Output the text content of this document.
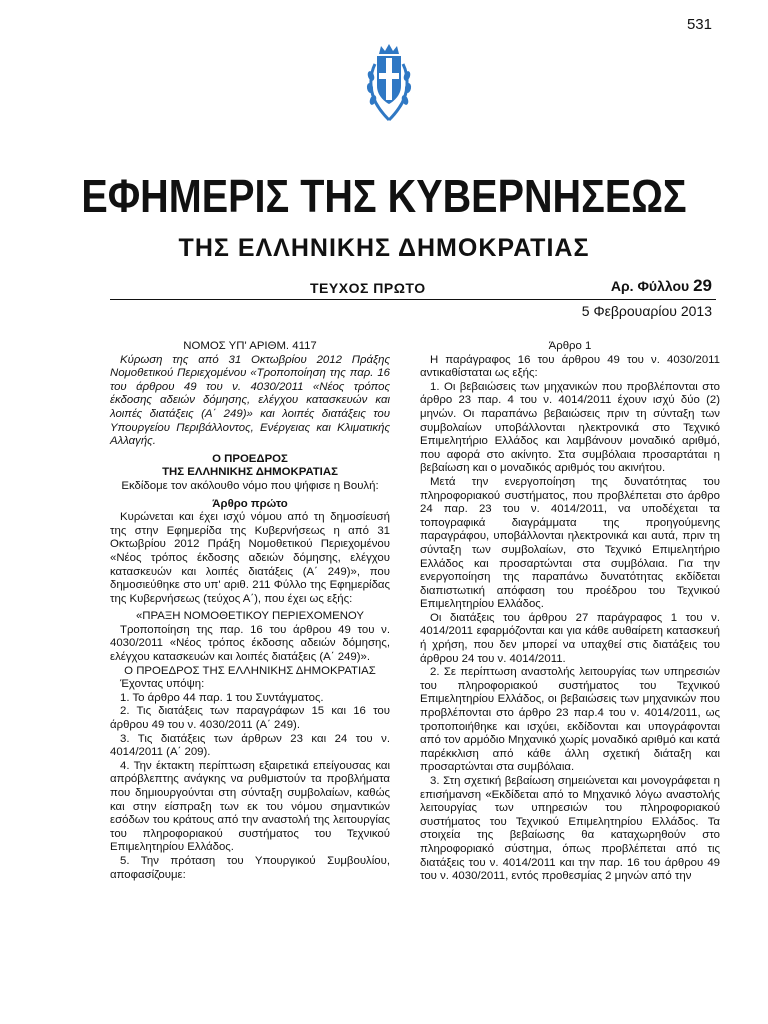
531
ΕΦΗΜΕΡΙΣ ΤΗΣ ΚΥΒΕΡΝΗΣΕΩΣ
ΤΗΣ ΕΛΛΗΝΙΚΗΣ ΔΗΜΟΚΡΑΤΙΑΣ
ΤΕΥΧΟΣ ΠΡΩΤΟ	Αρ. Φύλλου 29
5 Φεβρουαρίου 2013

ΝΟΜΟΣ ΥΠ' ΑΡΙΘΜ. 4117

Κύρωση της από 31 Οκτωβρίου 2012 Πράξης Νομοθετικού Περιεχομένου «Τροποποίηση της παρ. 16 του άρθρου 49 του ν. 4030/2011 «Νέος τρόπος έκδοσης αδειών δόμησης, ελέγχου κατασκευών και λοιπές διατάξεις (Α΄ 249)» και λοιπές διατάξεις του Υπουργείου Περιβάλλοντος, Ενέργειας και Κλιματικής Αλλαγής.

Ο ΠΡΟΕΔΡΟΣ

ΤΗΣ ΕΛΛΗΝΙΚΗΣ ΔΗΜΟΚΡΑΤΙΑΣ

Εκδίδομε τον ακόλουθο νόμο που ψήφισε η Βουλή:

Άρθρο πρώτο

Κυρώνεται και έχει ισχύ νόμου από τη δημοσίευσή της στην Εφημερίδα της Κυβερνήσεως η από 31 Οκτωβρίου 2012 Πράξη Νομοθετικού Περιεχομένου «Νέος τρόπος έκδοσης αδειών δόμησης, ελέγχου κατασκευών και λοιπές διατάξεις (Α΄ 249)», που δημοσιεύθηκε στο υπ' αριθ. 211 Φύλλο της Εφημερίδας της Κυβερνήσεως (τεύχος Α΄), που έχει ως εξής:

«ΠΡΑΞΗ ΝΟΜΟΘΕΤΙΚΟΥ ΠΕΡΙΕΧΟΜΕΝΟΥ

Τροποποίηση της παρ. 16 του άρθρου 49 του ν. 4030/2011 «Νέος τρόπος έκδοσης αδειών δόμησης, ελέγχου κατασκευών και λοιπές διατάξεις (Α΄ 249)».

Ο ΠΡΟΕΔΡΟΣ ΤΗΣ ΕΛΛΗΝΙΚΗΣ ΔΗΜΟΚΡΑΤΙΑΣ

Έχοντας υπόψη:

1. Το άρθρο 44 παρ. 1 του Συντάγματος.

2. Τις διατάξεις των παραγράφων 15 και 16 του άρθρου 49 του ν. 4030/2011 (Α΄ 249).

3. Τις διατάξεις των άρθρων 23 και 24 του ν. 4014/2011 (Α΄ 209).

4. Την έκτακτη περίπτωση εξαιρετικά επείγουσας και απρόβλεπτης ανάγκης να ρυθμιστούν τα προβλήματα που δημιουργούνται στη σύνταξη συμβολαίων, καθώς και στην είσπραξη των εκ του νόμου σημαντικών εσόδων του κράτους από την αναστολή της λειτουργίας του πληροφοριακού συστήματος του Τεχνικού Επιμελητηρίου Ελλάδος.

5. Την πρόταση του Υπουργικού Συμβουλίου, αποφασίζουμε:

Άρθρο 1

Η παράγραφος 16 του άρθρου 49 του ν. 4030/2011 αντικαθίσταται ως εξής:

1. Οι βεβαιώσεις των μηχανικών που προβλέπονται στο άρθρο 23 παρ. 4 του ν. 4014/2011 έχουν ισχύ δύο (2) μηνών. Οι παραπάνω βεβαιώσεις πριν τη σύνταξη των συμβολαίων υποβάλλονται ηλεκτρονικά στο Τεχνικό Επιμελητήριο Ελλάδος και λαμβάνουν μοναδικό αριθμό, που αφορά στο ακίνητο. Στα συμβόλαια προσαρτάται η βεβαίωση και ο μοναδικός αριθμός του ακινήτου.

Μετά την ενεργοποίηση της δυνατότητας του πληροφοριακού συστήματος, που προβλέπεται στο άρθρο 24 παρ. 23 του ν. 4014/2011, να υποδέχεται τα τοπογραφικά διαγράμματα της προηγούμενης παραγράφου, υποβάλλονται ηλεκτρονικά και αυτά, πριν τη σύνταξη των συμβολαίων, στο Τεχνικό Επιμελητήριο Ελλάδος και προσαρτώνται στα συμβόλαια. Για την ενεργοποίηση της παραπάνω δυνατότητας εκδίδεται διαπιστωτική απόφαση του προέδρου του Τεχνικού Επιμελητηρίου Ελλάδος.

Οι διατάξεις του άρθρου 27 παράγραφος 1 του ν. 4014/2011 εφαρμόζονται και για κάθε αυθαίρετη κατασκευή ή χρήση, που δεν μπορεί να υπαχθεί στις διατάξεις του άρθρου 24 του ν. 4014/2011.

2. Σε περίπτωση αναστολής λειτουργίας των υπηρεσιών του πληροφοριακού συστήματος του Τεχνικού Επιμελητηρίου Ελλάδος, οι βεβαιώσεις των μηχανικών που προβλέπονται στο άρθρο 23 παρ.4 του ν. 4014/2011, ως τροποποιήθηκε και ισχύει, εκδίδονται και υπογράφονται από τον αρμόδιο Μηχανικό χωρίς μοναδικό αριθμό και κατά παρέκκλιση από κάθε άλλη σχετική διάταξη και προσαρτώνται στα συμβόλαια.

3. Στη σχετική βεβαίωση σημειώνεται και μονογράφεται η επισήμανση «Εκδίδεται από το Μηχανικό λόγω αναστολής λειτουργίας των υπηρεσιών του πληροφοριακού συστήματος του Τεχνικού Επιμελητηρίου Ελλάδος. Τα στοιχεία της βεβαίωσης θα καταχωρηθούν στο πληροφοριακό σύστημα, όπως προβλέπεται από τις διατάξεις του ν. 4014/2011 και την παρ. 16 του άρθρου 49 του ν. 4030/2011, εντός προθεσμίας 2 μηνών από την
